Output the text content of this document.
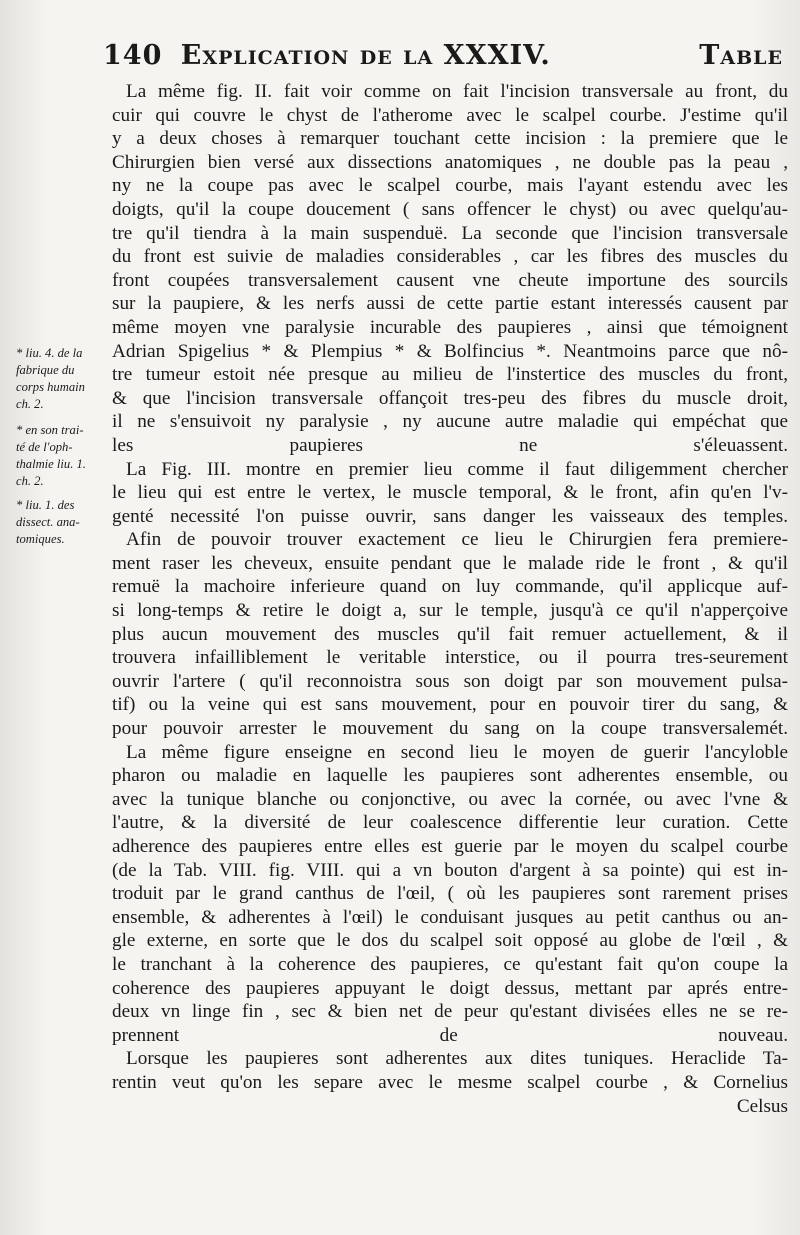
140 Explication de la XXXIV.	Table
* liu. 4. de la
fabrique du
corps humain
ch. 2.
* en son trai-
té de l'oph-
thalmie liu. 1.
ch. 2.
* liu. 1. des
dissect. ana-
tomiques.

La même fig. II. fait voir comme on fait l'incision transversale au front, du
cuir qui couvre le chyst de l'atherome avec le scalpel courbe. J'estime qu'il
y a deux choses à remarquer touchant cette incision : la premiere que le
Chirurgien bien versé aux dissections anatomiques , ne double pas la peau ,
ny ne la coupe pas avec le scalpel courbe, mais l'ayant estendu avec les
doigts, qu'il la coupe doucement ( sans offencer le chyst) ou avec quelqu'au-
tre qu'il tiendra à la main suspenduë. La seconde que l'incision transversale
du front est suivie de maladies considerables , car les fibres des muscles du
front coupées transversalement causent vne cheute importune des sourcils
sur la paupiere, & les nerfs aussi de cette partie estant interessés causent par
même moyen vne paralysie incurable des paupieres , ainsi que témoignent
Adrian Spigelius * & Plempius * & Bolfincius *. Neantmoins parce que nô-
tre tumeur estoit née presque au milieu de l'instertice des muscles du front,
& que l'incision transversale offançoit tres-peu des fibres du muscle droit,
il ne s'ensuivoit ny paralysie , ny aucune autre maladie qui empéchat que
les paupieres ne s'éleuassent.

La Fig. III. montre en premier lieu comme il faut diligemment chercher
le lieu qui est entre le vertex, le muscle temporal, & le front, afin qu'en l'v-
genté necessité l'on puisse ouvrir, sans danger les vaisseaux des temples.

Afin de pouvoir trouver exactement ce lieu le Chirurgien fera premiere-
ment raser les cheveux, ensuite pendant que le malade ride le front , & qu'il
remuë la machoire inferieure quand on luy commande, qu'il applicque auf-
si long-temps & retire le doigt a, sur le temple, jusqu'à ce qu'il n'apperçoive
plus aucun mouvement des muscles qu'il fait remuer actuellement, & il
trouvera infailliblement le veritable interstice, ou il pourra tres-seurement
ouvrir l'artere ( qu'il reconnoistra sous son doigt par son mouvement pulsa-
tif) ou la veine qui est sans mouvement, pour en pouvoir tirer du sang, &
pour pouvoir arrester le mouvement du sang on la coupe transversalemét.

La même figure enseigne en second lieu le moyen de guerir l'ancyloble
pharon ou maladie en laquelle les paupieres sont adherentes ensemble, ou
avec la tunique blanche ou conjonctive, ou avec la cornée, ou avec l'vne &
l'autre, & la diversité de leur coalescence differentie leur curation. Cette
adherence des paupieres entre elles est guerie par le moyen du scalpel courbe
(de la Tab. VIII. fig. VIII. qui a vn bouton d'argent à sa pointe) qui est in-
troduit par le grand canthus de l'œil, ( où les paupieres sont rarement prises
ensemble, & adherentes à l'œil) le conduisant jusques au petit canthus ou an-
gle externe, en sorte que le dos du scalpel soit opposé au globe de l'œil , &
le tranchant à la coherence des paupieres, ce qu'estant fait qu'on coupe la
coherence des paupieres appuyant le doigt dessus, mettant par aprés entre-
deux vn linge fin , sec & bien net de peur qu'estant divisées elles ne se re-
prennent de nouveau.

Lorsque les paupieres sont adherentes aux dites tuniques. Heraclide Ta-
rentin veut qu'on les separe avec le mesme scalpel courbe , & Cornelius

Celsus
